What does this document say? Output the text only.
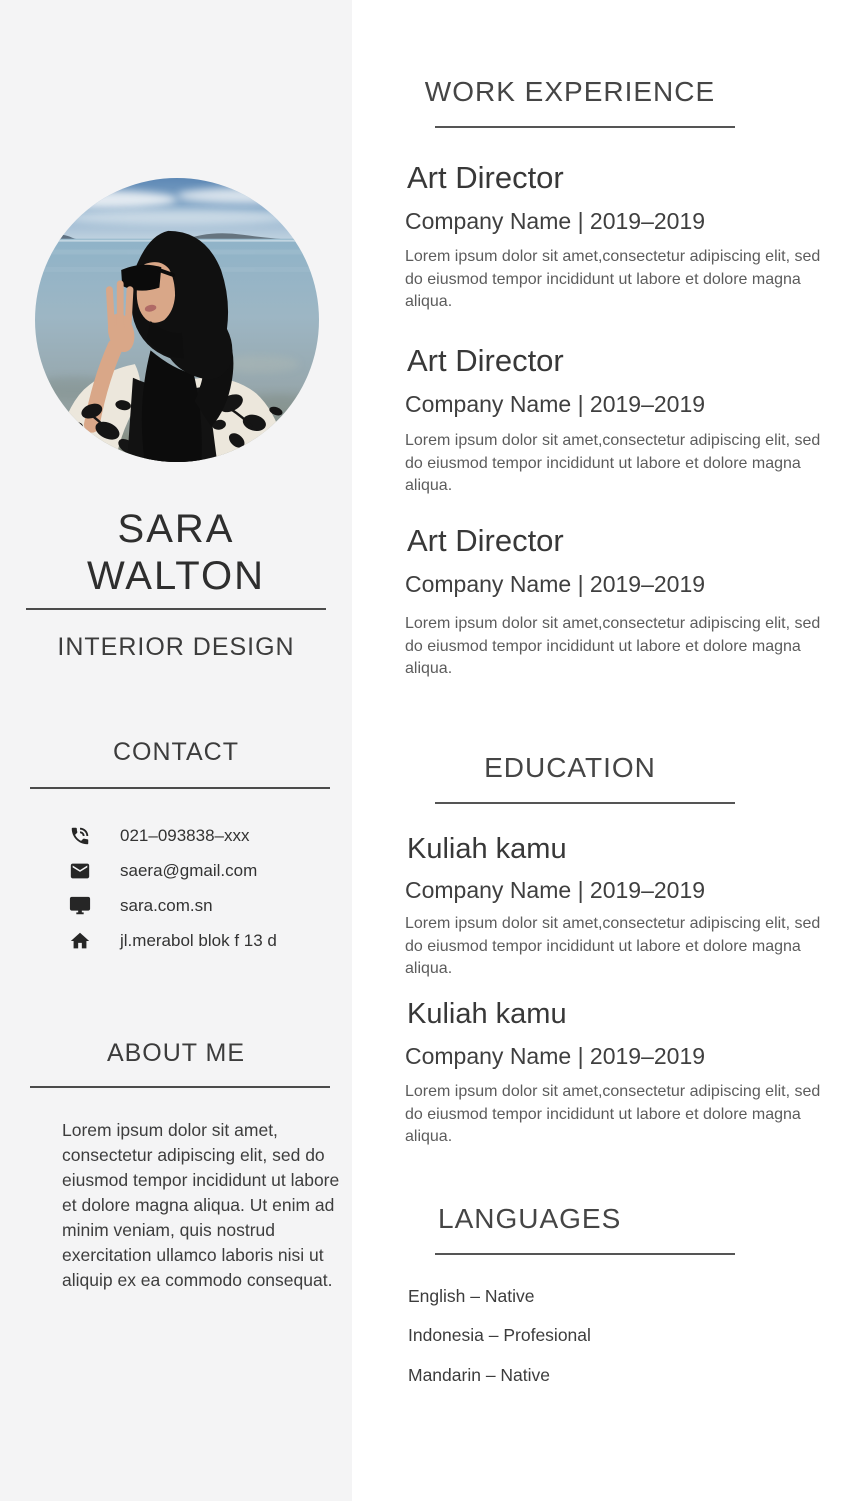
SARA
WALTON
INTERIOR DESIGN
CONTACT
021–093838–xxx
saera@gmail.com
sara.com.sn
jl.merabol blok f 13 d
ABOUT ME
Lorem ipsum dolor sit amet, consectetur adipiscing elit, sed do eiusmod tempor incididunt ut labore et dolore magna aliqua. Ut enim ad minim veniam, quis nostrud exercitation ullamco laboris nisi ut aliquip ex ea commodo consequat.
WORK EXPERIENCE
Art Director
Company Name | 2019–2019
Lorem ipsum dolor sit amet,consectetur adipiscing elit, sed do eiusmod tempor incididunt ut labore et dolore magna aliqua.
Art Director
Company Name | 2019–2019
Lorem ipsum dolor sit amet,consectetur adipiscing elit, sed do eiusmod tempor incididunt ut labore et dolore magna aliqua.
Art Director
Company Name | 2019–2019
Lorem ipsum dolor sit amet,consectetur adipiscing elit, sed do eiusmod tempor incididunt ut labore et dolore magna aliqua.
EDUCATION
Kuliah kamu
Company Name | 2019–2019
Lorem ipsum dolor sit amet,consectetur adipiscing elit, sed do eiusmod tempor incididunt ut labore et dolore magna aliqua.
Kuliah kamu
Company Name | 2019–2019
Lorem ipsum dolor sit amet,consectetur adipiscing elit, sed do eiusmod tempor incididunt ut labore et dolore magna aliqua.
LANGUAGES
English – Native
Indonesia – Profesional
Mandarin – Native
